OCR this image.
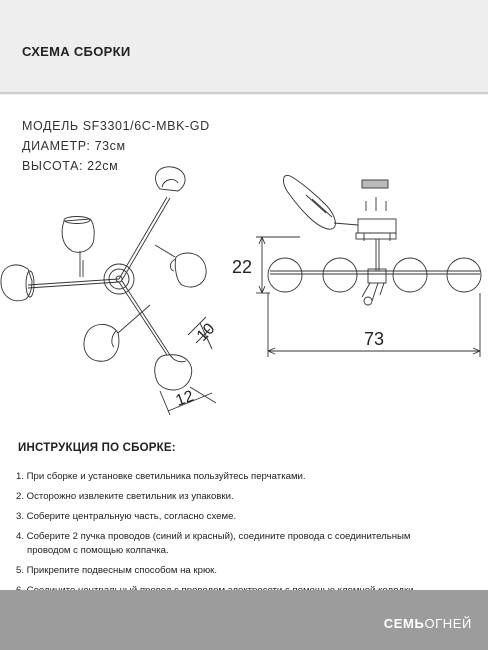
СХЕМА СБОРКИ
МОДЕЛЬ SF3301/6C-MBK-GD
ДИАМЕТР: 73см
ВЫСОТА: 22см
10
12
22
73
ИНСТРУКЦИЯ ПО СБОРКЕ:
1. При сборке и установке светильника пользуйтесь перчатками.
2. Осторожно извлеките светильник из упаковки.
3. Соберите центральную часть, согласно схеме.
4. Соберите 2 пучка проводов (синий и красный), соедините провода с соединительным
проводом с помощью колпачка.
5. Прикрепите подвесным способом на крюк.
СЕМЬОГНЕЙ
